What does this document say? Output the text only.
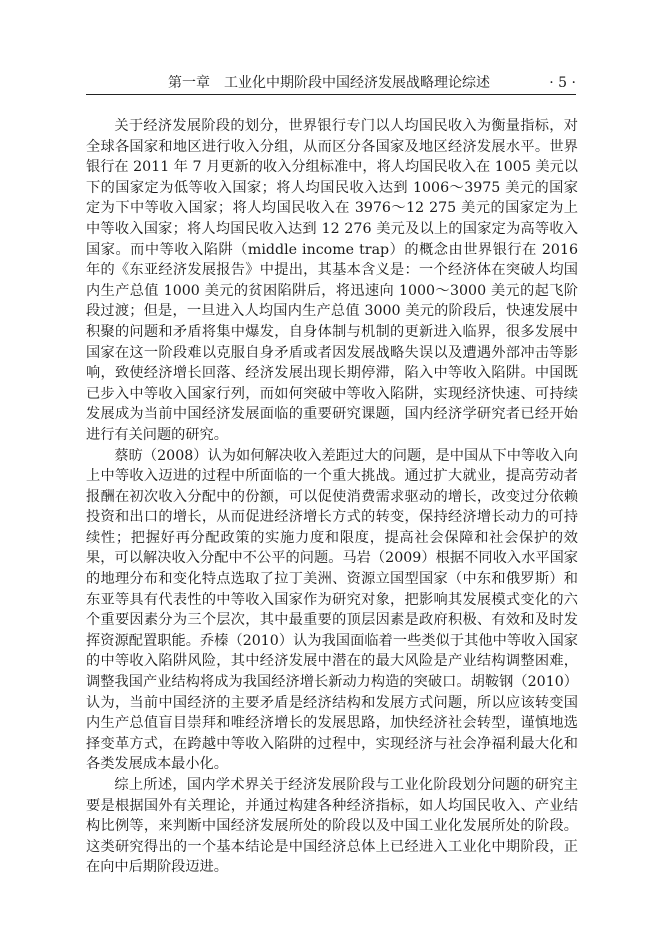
第一章　工业化中期阶段中国经济发展战略理论综述	· 5 ·

关于经济发展阶段的划分，世界银行专门以人均国民收入为衡量指标，对全球各国家和地区进行收入分组，从而区分各国家及地区经济发展水平。世界银行在 2011 年 7 月更新的收入分组标准中，将人均国民收入在 1005 美元以下的国家定为低等收入国家；将人均国民收入达到 1006～3975 美元的国家定为下中等收入国家；将人均国民收入在 3976～12 275 美元的国家定为上中等收入国家；将人均国民收入达到 12 276 美元及以上的国家定为高等收入国家。而中等收入陷阱（middle income trap）的概念由世界银行在 2016 年的《东亚经济发展报告》中提出，其基本含义是：一个经济体在突破人均国内生产总值 1000 美元的贫困陷阱后，将迅速向 1000～3000 美元的起飞阶段过渡；但是，一旦进入人均国内生产总值 3000 美元的阶段后，快速发展中积聚的问题和矛盾将集中爆发，自身体制与机制的更新进入临界，很多发展中国家在这一阶段难以克服自身矛盾或者因发展战略失误以及遭遇外部冲击等影响，致使经济增长回落、经济发展出现长期停滞，陷入中等收入陷阱。中国既已步入中等收入国家行列，而如何突破中等收入陷阱，实现经济快速、可持续发展成为当前中国经济发展面临的重要研究课题，国内经济学研究者已经开始进行有关问题的研究。

蔡昉（2008）认为如何解决收入差距过大的问题，是中国从下中等收入向上中等收入迈进的过程中所面临的一个重大挑战。通过扩大就业，提高劳动者报酬在初次收入分配中的份额，可以促使消费需求驱动的增长，改变过分依赖投资和出口的增长，从而促进经济增长方式的转变，保持经济增长动力的可持续性；把握好再分配政策的实施力度和限度，提高社会保障和社会保护的效果，可以解决收入分配中不公平的问题。马岩（2009）根据不同收入水平国家的地理分布和变化特点选取了拉丁美洲、资源立国型国家（中东和俄罗斯）和东亚等具有代表性的中等收入国家作为研究对象，把影响其发展模式变化的六个重要因素分为三个层次，其中最重要的顶层因素是政府积极、有效和及时发挥资源配置职能。乔榛（2010）认为我国面临着一些类似于其他中等收入国家的中等收入陷阱风险，其中经济发展中潜在的最大风险是产业结构调整困难，调整我国产业结构将成为我国经济增长新动力构造的突破口。胡鞍钢（2010）认为，当前中国经济的主要矛盾是经济结构和发展方式问题，所以应该转变国内生产总值盲目崇拜和唯经济增长的发展思路，加快经济社会转型，谨慎地选择变革方式，在跨越中等收入陷阱的过程中，实现经济与社会净福利最大化和各类发展成本最小化。

综上所述，国内学术界关于经济发展阶段与工业化阶段划分问题的研究主要是根据国外有关理论，并通过构建各种经济指标，如人均国民收入、产业结构比例等，来判断中国经济发展所处的阶段以及中国工业化发展所处的阶段。这类研究得出的一个基本结论是中国经济总体上已经进入工业化中期阶段，正在向中后期阶段迈进。
